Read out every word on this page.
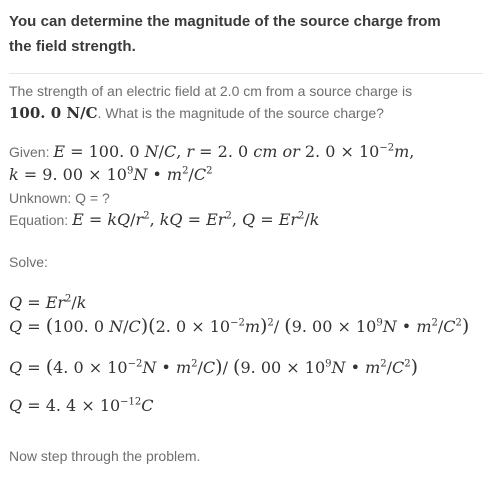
You can determine the magnitude of the source charge from

the field strength.

The strength of an electric field at 2.0 cm from a source charge is

100. 0 N/C. What is the magnitude of the source charge?

Given: E = 100. 0 N/C, r = 2. 0 cm or 2. $0 \times 10^{-2}m$,
k = 9. $00 \times 10^9N$ • $m^2/C^2$
Unknown: Q = ?
Equation: $E = kQ/r^2$, kQ = $Er^2$, $Q = Er^2/k$
Solve:
$Q = Er^2/k$
Q = (100. 0 N/C)(2. $0 \times 10^{-2}m)^2/$ (9. $00 \times 10^9N$ • $m^2/C^2$)
Q = (4. $0 \times 10^{-2}N$ • $m^2/C)/$ (9. $00 \times 10^9N$ • $m^2/C^2$)
Q = 4. $4 \times 10^{-12}C$
Now step through the problem.
